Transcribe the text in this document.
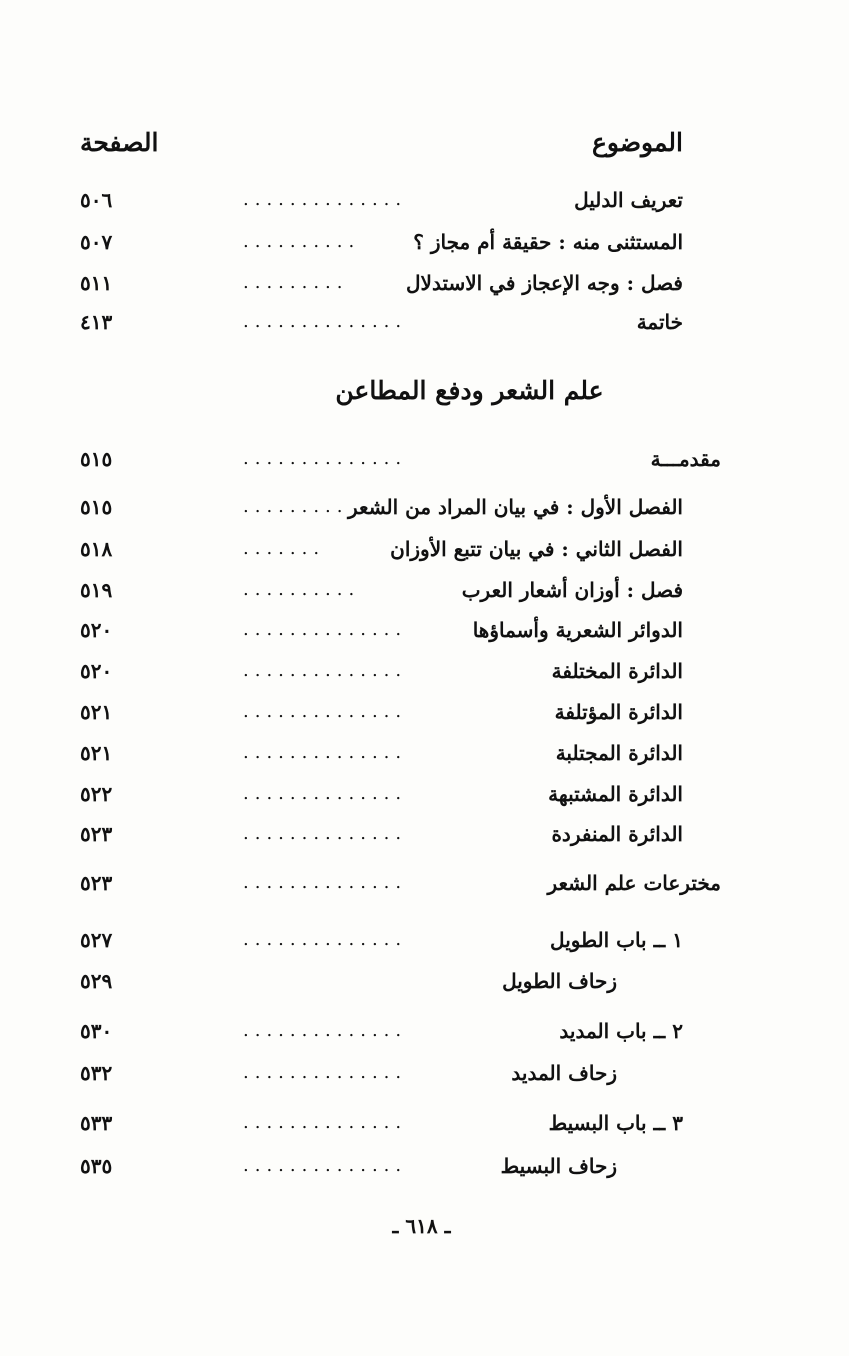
الموضوع
الصفحة
تعريف الدليل
..............
٥٠٦
المستثنى منه : حقيقة أم مجاز ؟
..........
٥٠٧
فصل : وجه الإعجاز في الاستدلال
.........
٥١١
خاتمة
..............
٤١٣
علم الشعر ودفع المطاعن
مقدمـــة
..............
٥١٥
الفصل الأول : في بيان المراد من الشعر
.........
٥١٥
الفصل الثاني : في بيان تتبع الأوزان
.......
٥١٨
فصل : أوزان أشعار العرب
..........
٥١٩
الدوائر الشعرية وأسماؤها
..............
٥٢٠
الدائرة المختلفة
..............
٥٢٠
الدائرة المؤتلفة
..............
٥٢١
الدائرة المجتلبة
..............
٥٢١
الدائرة المشتبهة
..............
٥٢٢
الدائرة المنفردة
..............
٥٢٣
مخترعات علم الشعر
..............
٥٢٣
١ ــ باب الطويل
..............
٥٢٧
زحاف الطويل
٥٢٩
٢ ــ باب المديد
..............
٥٣٠
زحاف المديد
..............
٥٣٢
٣ ــ باب البسيط
..............
٥٣٣
زحاف البسيط
..............
٥٣٥
ـ ٦١٨ ـ
